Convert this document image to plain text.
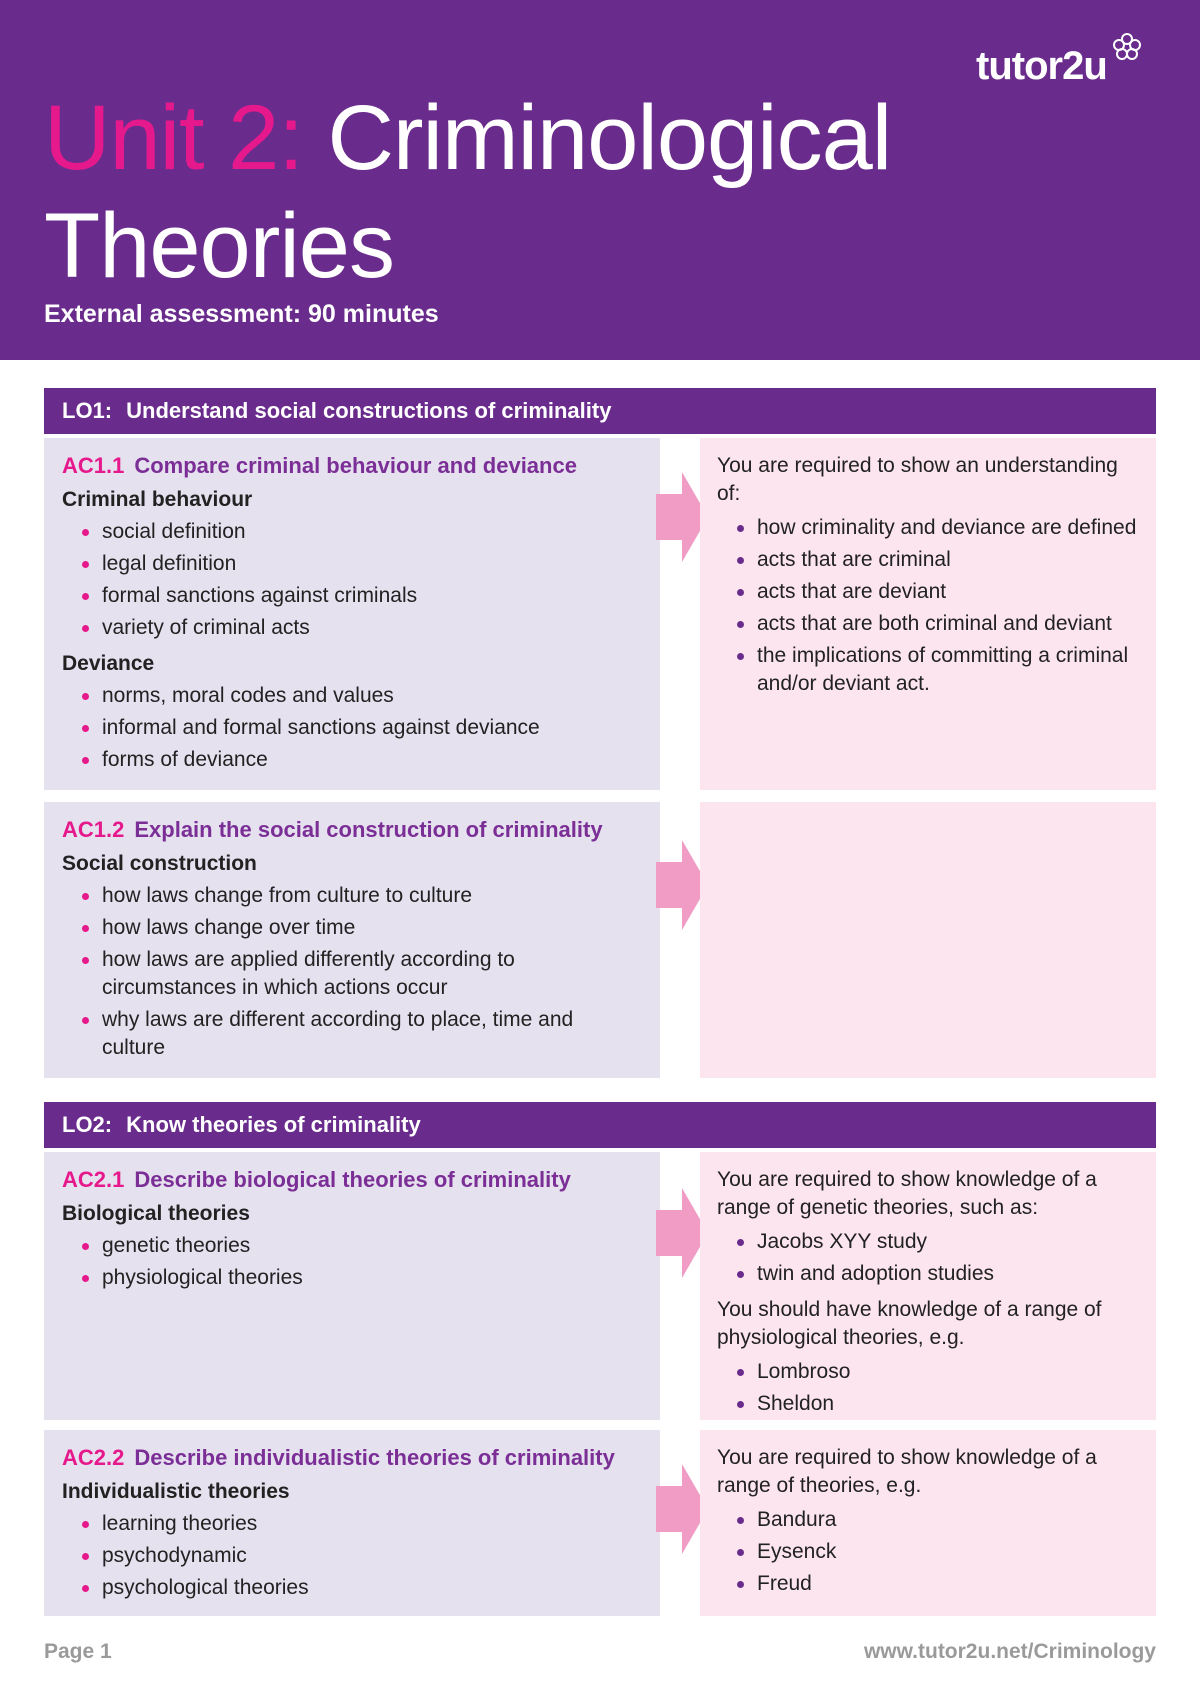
Unit 2: Criminological Theories
External assessment: 90 minutes
tutor2u
LO1: Understand social constructions of criminality
AC1.1 Compare criminal behaviour and deviance
Criminal behaviour
social definition
legal definition
formal sanctions against criminals
variety of criminal acts
Deviance
norms, moral codes and values
informal and formal sanctions against deviance
forms of deviance

You are required to show an understanding of:

how criminality and deviance are defined
acts that are criminal
acts that are deviant
acts that are both criminal and deviant
the implications of committing a criminal and/or deviant act.
AC1.2 Explain the social construction of criminality
Social construction
how laws change from culture to culture
how laws change over time
how laws are applied differently according to circumstances in which actions occur
why laws are different according to place, time and culture
LO2: Know theories of criminality
AC2.1 Describe biological theories of criminality
Biological theories
genetic theories
physiological theories

You are required to show knowledge of a range of genetic theories, such as:

Jacobs XYY study
twin and adoption studies

You should have knowledge of a range of physiological theories, e.g.

Lombroso
Sheldon
AC2.2 Describe individualistic theories of criminality
Individualistic theories
learning theories
psychodynamic
psychological theories

You are required to show knowledge of a range of theories, e.g.

Bandura
Eysenck
Freud
Page 1	www.tutor2u.net/Criminology
